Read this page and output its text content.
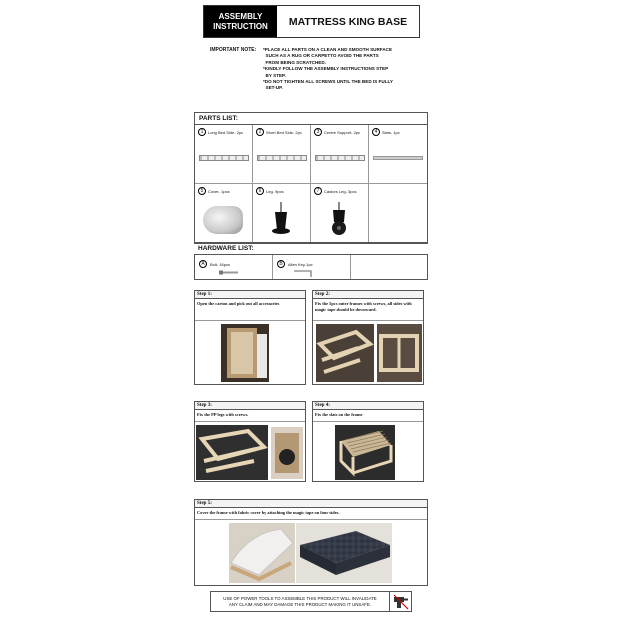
ASSEMBLY
INSTRUCTION	MATTRESS KING BASE
IMPORTANT NOTE: *PLACE ALL PARTS ON A CLEAN AND SMOOTH SURFACE
SUCH AS A RUG OR CARPETTO AVOID THE PARTS
FROM BEING SCRATCHED.
*KINDLY FOLLOW THE ASSEMBLY INSTRUCTIONS STEP
BY STEP.
*DO NOT TIGHTEN ALL SCREWS UNTIL THE BED IS FULLY
SET-UP.
PARTS LIST:
1	Long Bed Side- 2pc	2	Short Bed Side- 2pc	3	Centre Support- 2pc	4	Slats- 1pc
5	Cover- 1pcs	6	Leg- 9pcs	7	Castors Leg- 3pcs
HARDWARE LIST:
A	Bolt- 16pcs	B	Allen Key-1pc
Step 1:
Open the carton and pick out all accessories
Step 2:
Fix the 5pcs outer frames with screws, all sides with magic tape should be downward.
Step 3:
Fix the PP legs with screws.
Step 4:
Fix the slats on the frame
Step 5:
Cover the frame with fabric cover by attaching the magic tape on four sides.
USE OF POWER TOOLS TO ASSEMBLE THIS PRODUCT WILL INVALIDATE
ANY CLAIM AND MAY DAMAGE THIS PRODUCT MAKING IT UNSAFE.
